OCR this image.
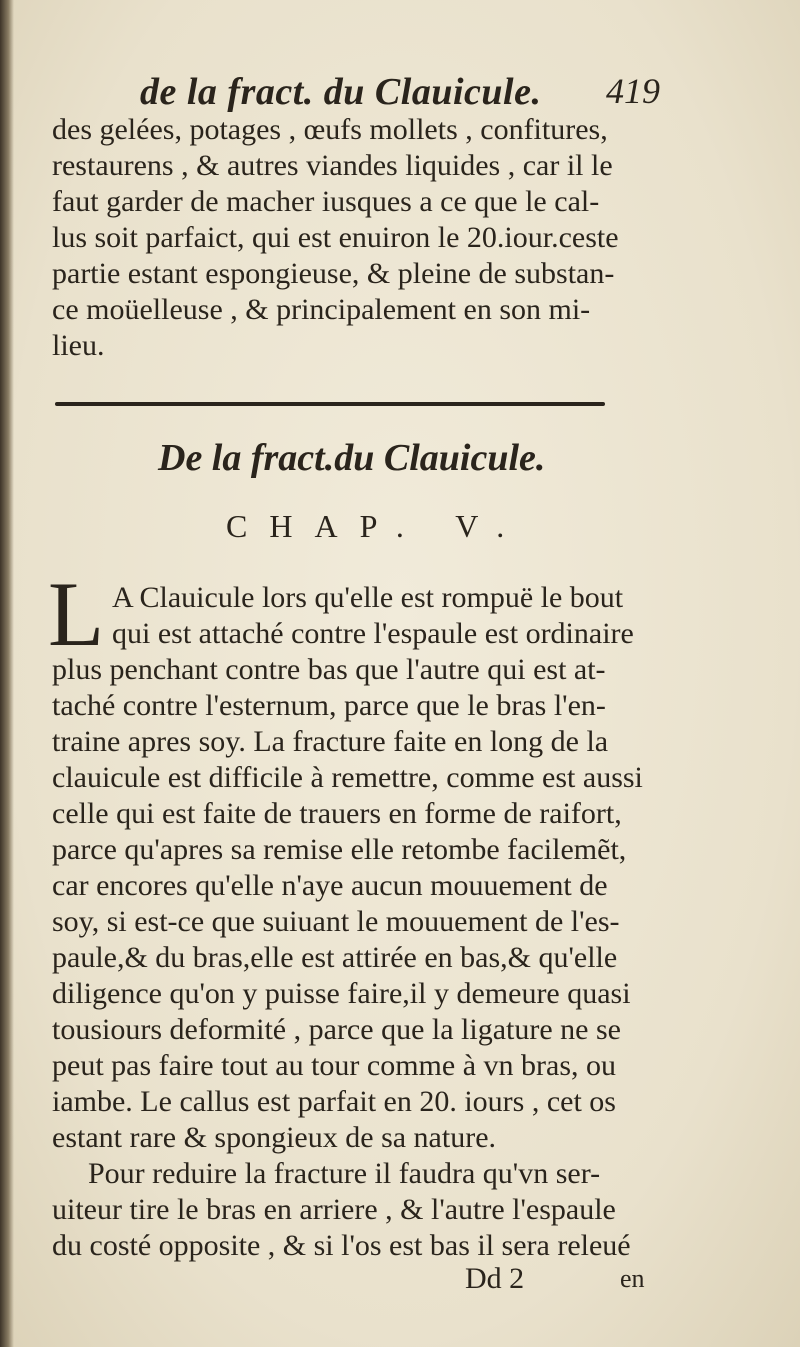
de la fract. du Clauicule. 419
des gelées, potages , œufs mollets , confitures,
restaurens , & autres viandes liquides , car il le
faut garder de macher iusques a ce que le cal-
lus soit parfaict, qui est enuiron le 20.iour.ceste
partie estant espongieuse, & pleine de substan-
ce moüelleuse , & principalement en son mi-
lieu.
De la fract.du Clauicule.
CHAP. V.
L A Clauicule lors qu'elle est rompuë le bout
qui est attaché contre l'espaule est ordinaire
plus penchant contre bas que l'autre qui est at-
taché contre l'esternum, parce que le bras l'en-
traine apres soy. La fracture faite en long de la
clauicule est difficile à remettre, comme est aussi
celle qui est faite de trauers en forme de raifort,
parce qu'apres sa remise elle retombe facilemẽt,
car encores qu'elle n'aye aucun mouuement de
soy, si est-ce que suiuant le mouuement de l'es-
paule,& du bras,elle est attirée en bas,& qu'elle
diligence qu'on y puisse faire,il y demeure quasi
tousiours deformité , parce que la ligature ne se
peut pas faire tout au tour comme à vn bras, ou
iambe. Le callus est parfait en 20. iours , cet os
estant rare & spongieux de sa nature.
Pour reduire la fracture il faudra qu'vn ser-
uiteur tire le bras en arriere , & l'autre l'espaule
du costé opposite , & si l'os est bas il sera releué
Dd 2	en
